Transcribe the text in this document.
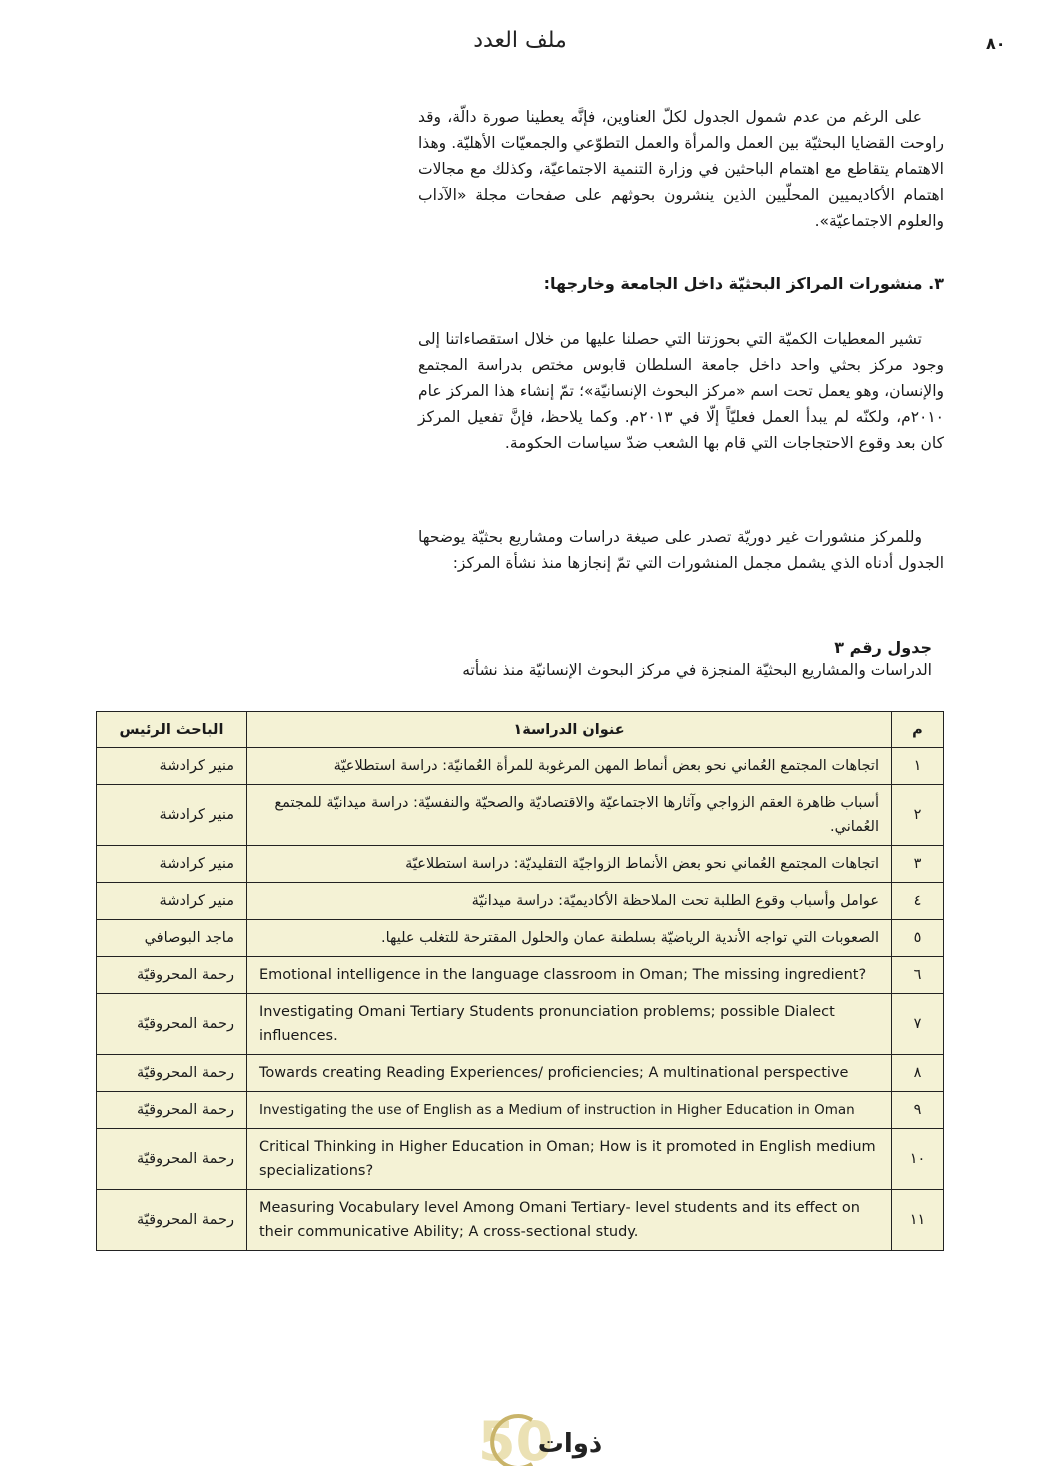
٨٠
ملف العدد

على الرغم من عدم شمول الجدول لكلّ العناوين، فإنَّه يعطينا صورة دالّة، وقد راوحت القضايا البحثيّة بين العمل والمرأة والعمل التطوّعي والجمعيّات الأهليّة. وهذا الاهتمام يتقاطع مع اهتمام الباحثين في وزارة التنمية الاجتماعيّة، وكذلك مع مجالات اهتمام الأكاديميين المحلّيين الذين ينشرون بحوثهم على صفحات مجلة «الآداب والعلوم الاجتماعيّة».

٣. منشورات المراكز البحثيّة داخل الجامعة وخارجها:

تشير المعطيات الكميّة التي بحوزتنا التي حصلنا عليها من خلال استقصاءاتنا إلى وجود مركز بحثي واحد داخل جامعة السلطان قابوس مختص بدراسة المجتمع والإنسان، وهو يعمل تحت اسم «مركز البحوث الإنسانيّة»؛ تمّ إنشاء هذا المركز عام ٢٠١٠م، ولكنّه لم يبدأ العمل فعليّاً إلّا في ٢٠١٣م. وكما يلاحظ، فإنَّ تفعيل المركز كان بعد وقوع الاحتجاجات التي قام بها الشعب ضدّ سياسات الحكومة.

وللمركز منشورات غير دوريّة تصدر على صيغة دراسات ومشاريع بحثيّة يوضحها الجدول أدناه الذي يشمل مجمل المنشورات التي تمّ إنجازها منذ نشأة المركز:

جدول رقم ٣

الدراسات والمشاريع البحثيّة المنجزة في مركز البحوث الإنسانيّة منذ نشأته

م	عنوان الدراسة١	الباحث الرئيس
١	اتجاهات المجتمع العُماني نحو بعض أنماط المهن المرغوبة للمرأة العُمانيّة: دراسة استطلاعيّة	منير كرادشة
٢	أسباب ظاهرة العقم الزواجي وآثارها الاجتماعيّة والاقتصاديّة والصحيّة والنفسيّة: دراسة ميدانيّة للمجتمع العُماني.	منير كرادشة
٣	اتجاهات المجتمع العُماني نحو بعض الأنماط الزواجيّة التقليديّة: دراسة استطلاعيّة	منير كرادشة
٤	عوامل وأسباب وقوع الطلبة تحت الملاحظة الأكاديميّة: دراسة ميدانيّة	منير كرادشة
٥	الصعوبات التي تواجه الأندية الرياضيّة بسلطنة عمان والحلول المقترحة للتغلب عليها.	ماجد البوصافي
٦	Emotional intelligence in the language classroom in Oman; The missing ingredient?	رحمة المحروقيّة
٧	Investigating Omani Tertiary Students pronunciation problems; possible Dialect influences.	رحمة المحروقيّة
٨	Towards creating Reading Experiences/ proficiencies; A multinational perspective	رحمة المحروقيّة
٩	Investigating the use of English as a Medium of instruction in Higher Education in Oman	رحمة المحروقيّة
١٠	Critical Thinking in Higher Education in Oman; How is it promoted in English medium specializations?	رحمة المحروقيّة
١١	Measuring Vocabulary level Among Omani Tertiary- level students and its effect on their communicative Ability; A cross-sectional study.	رحمة المحروقيّة
50
ذوات
